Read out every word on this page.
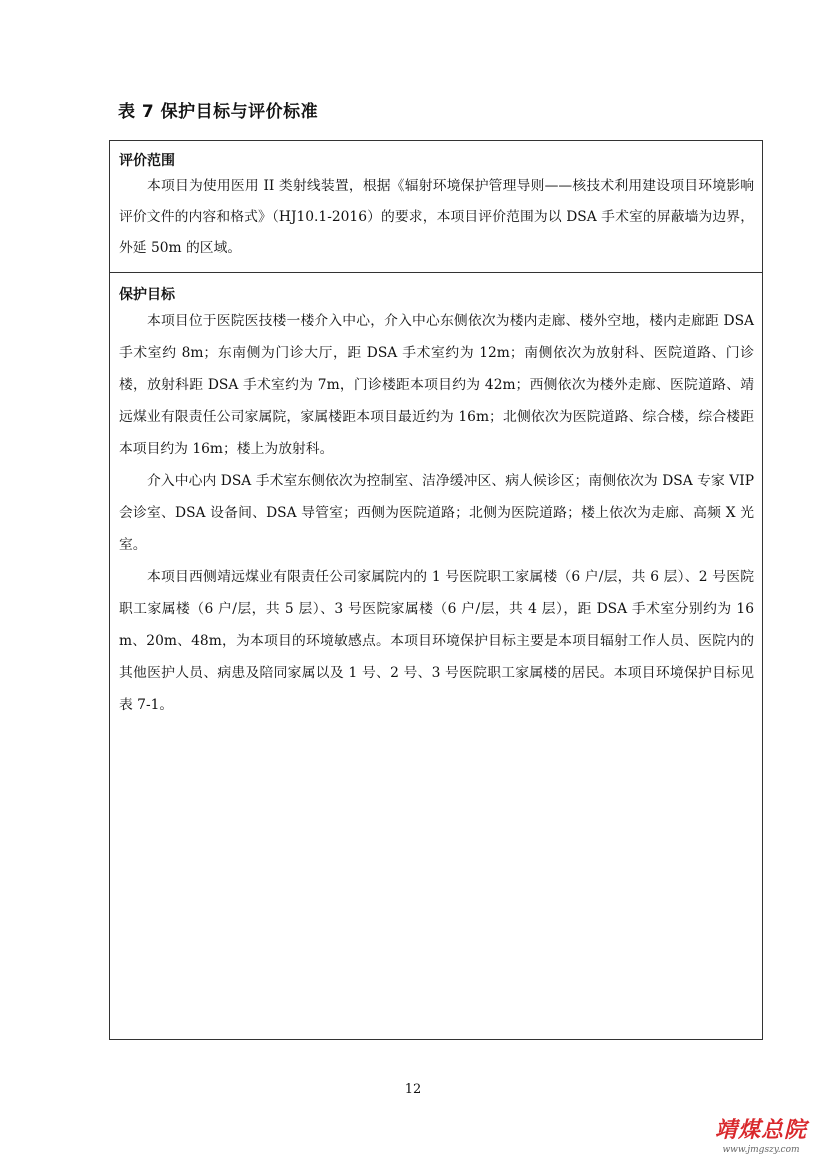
表 7 保护目标与评价标准

评价范围

本项目为使用医用 II 类射线装置，根据《辐射环境保护管理导则——核技术利用建设项目环境影响评价文件的内容和格式》（HJ10.1-2016）的要求，本项目评价范围为以 DSA 手术室的屏蔽墙为边界，外延 50m 的区域。

保护目标

本项目位于医院医技楼一楼介入中心，介入中心东侧依次为楼内走廊、楼外空地，楼内走廊距 DSA 手术室约 8m；东南侧为门诊大厅，距 DSA 手术室约为 12m；南侧依次为放射科、医院道路、门诊楼，放射科距 DSA 手术室约为 7m，门诊楼距本项目约为 42m；西侧依次为楼外走廊、医院道路、靖远煤业有限责任公司家属院，家属楼距本项目最近约为 16m；北侧依次为医院道路、综合楼，综合楼距本项目约为 16m；楼上为放射科。

介入中心内 DSA 手术室东侧依次为控制室、洁净缓冲区、病人候诊区；南侧依次为 DSA 专家 VIP 会诊室、DSA 设备间、DSA 导管室；西侧为医院道路；北侧为医院道路；楼上依次为走廊、高频 X 光室。

本项目西侧靖远煤业有限责任公司家属院内的 1 号医院职工家属楼（6 户/层，共 6 层）、2 号医院职工家属楼（6 户/层，共 5 层）、3 号医院家属楼（6 户/层，共 4 层），距 DSA 手术室分别约为 16m、20m、48m，为本项目的环境敏感点。本项目环境保护目标主要是本项目辐射工作人员、医院内的其他医护人员、病患及陪同家属以及 1 号、2 号、3 号医院职工家属楼的居民。本项目环境保护目标见表 7-1。

12
靖煤总院
www.jmgszy.com
